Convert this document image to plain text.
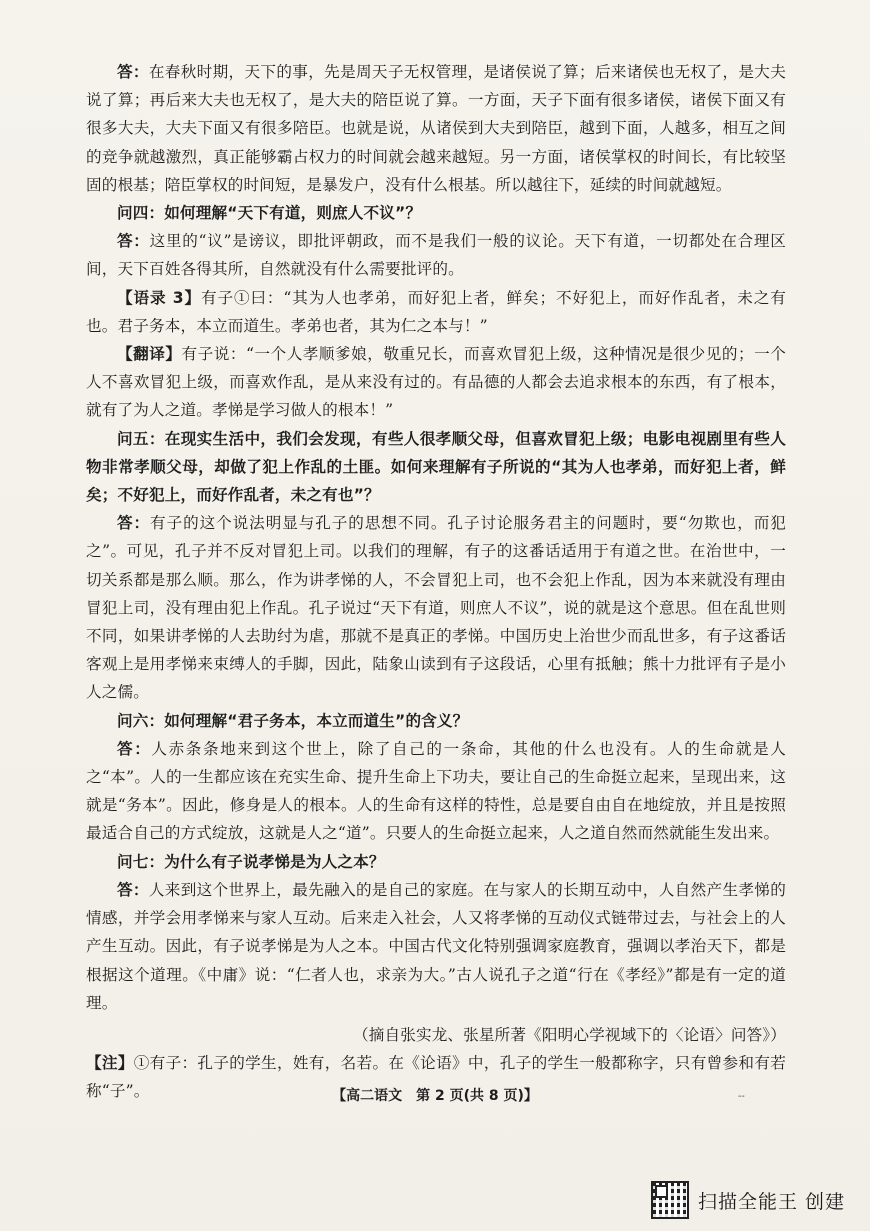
答：在春秋时期，天下的事，先是周天子无权管理，是诸侯说了算；后来诸侯也无权了，是大夫说了算；再后来大夫也无权了，是大夫的陪臣说了算。一方面，天子下面有很多诸侯，诸侯下面又有很多大夫，大夫下面又有很多陪臣。也就是说，从诸侯到大夫到陪臣，越到下面，人越多，相互之间的竞争就越激烈，真正能够霸占权力的时间就会越来越短。另一方面，诸侯掌权的时间长，有比较坚固的根基；陪臣掌权的时间短，是暴发户，没有什么根基。所以越往下，延续的时间就越短。

问四：如何理解“天下有道，则庶人不议”？

答：这里的“议”是谤议，即批评朝政，而不是我们一般的议论。天下有道，一切都处在合理区间，天下百姓各得其所，自然就没有什么需要批评的。

【语录 3】有子①曰：“其为人也孝弟，而好犯上者，鲜矣；不好犯上，而好作乱者，未之有也。君子务本，本立而道生。孝弟也者，其为仁之本与！”

【翻译】有子说：“一个人孝顺爹娘，敬重兄长，而喜欢冒犯上级，这种情况是很少见的；一个人不喜欢冒犯上级，而喜欢作乱，是从来没有过的。有品德的人都会去追求根本的东西，有了根本，就有了为人之道。孝悌是学习做人的根本！”

问五：在现实生活中，我们会发现，有些人很孝顺父母，但喜欢冒犯上级；电影电视剧里有些人物非常孝顺父母，却做了犯上作乱的土匪。如何来理解有子所说的“其为人也孝弟，而好犯上者，鲜矣；不好犯上，而好作乱者，未之有也”？

答：有子的这个说法明显与孔子的思想不同。孔子讨论服务君主的问题时，要“勿欺也，而犯之”。可见，孔子并不反对冒犯上司。以我们的理解，有子的这番话适用于有道之世。在治世中，一切关系都是那么顺。那么，作为讲孝悌的人，不会冒犯上司，也不会犯上作乱，因为本来就没有理由冒犯上司，没有理由犯上作乱。孔子说过“天下有道，则庶人不议”，说的就是这个意思。但在乱世则不同，如果讲孝悌的人去助纣为虐，那就不是真正的孝悌。中国历史上治世少而乱世多，有子这番话客观上是用孝悌来束缚人的手脚，因此，陆象山读到有子这段话，心里有抵触；熊十力批评有子是小人之儒。

问六：如何理解“君子务本，本立而道生”的含义？

答：人赤条条地来到这个世上，除了自己的一条命，其他的什么也没有。人的生命就是人之“本”。人的一生都应该在充实生命、提升生命上下功夫，要让自己的生命挺立起来，呈现出来，这就是“务本”。因此，修身是人的根本。人的生命有这样的特性，总是要自由自在地绽放，并且是按照最适合自己的方式绽放，这就是人之“道”。只要人的生命挺立起来，人之道自然而然就能生发出来。

问七：为什么有子说孝悌是为人之本？

答：人来到这个世界上，最先融入的是自己的家庭。在与家人的长期互动中，人自然产生孝悌的情感，并学会用孝悌来与家人互动。后来走入社会，人又将孝悌的互动仪式链带过去，与社会上的人产生互动。因此，有子说孝悌是为人之本。中国古代文化特别强调家庭教育，强调以孝治天下，都是根据这个道理。《中庸》说：“仁者人也，求亲为大。”古人说孔子之道“行在《孝经》”都是有一定的道理。

（摘自张实龙、张星所著《阳明心学视域下的〈论语〉问答》）

【注】①有子：孔子的学生，姓有，名若。在《论语》中，孔子的学生一般都称字，只有曾参和有若称“子”。	【高二语文　第 2 页(共 8 页)】	--
扫描全能王 创建
